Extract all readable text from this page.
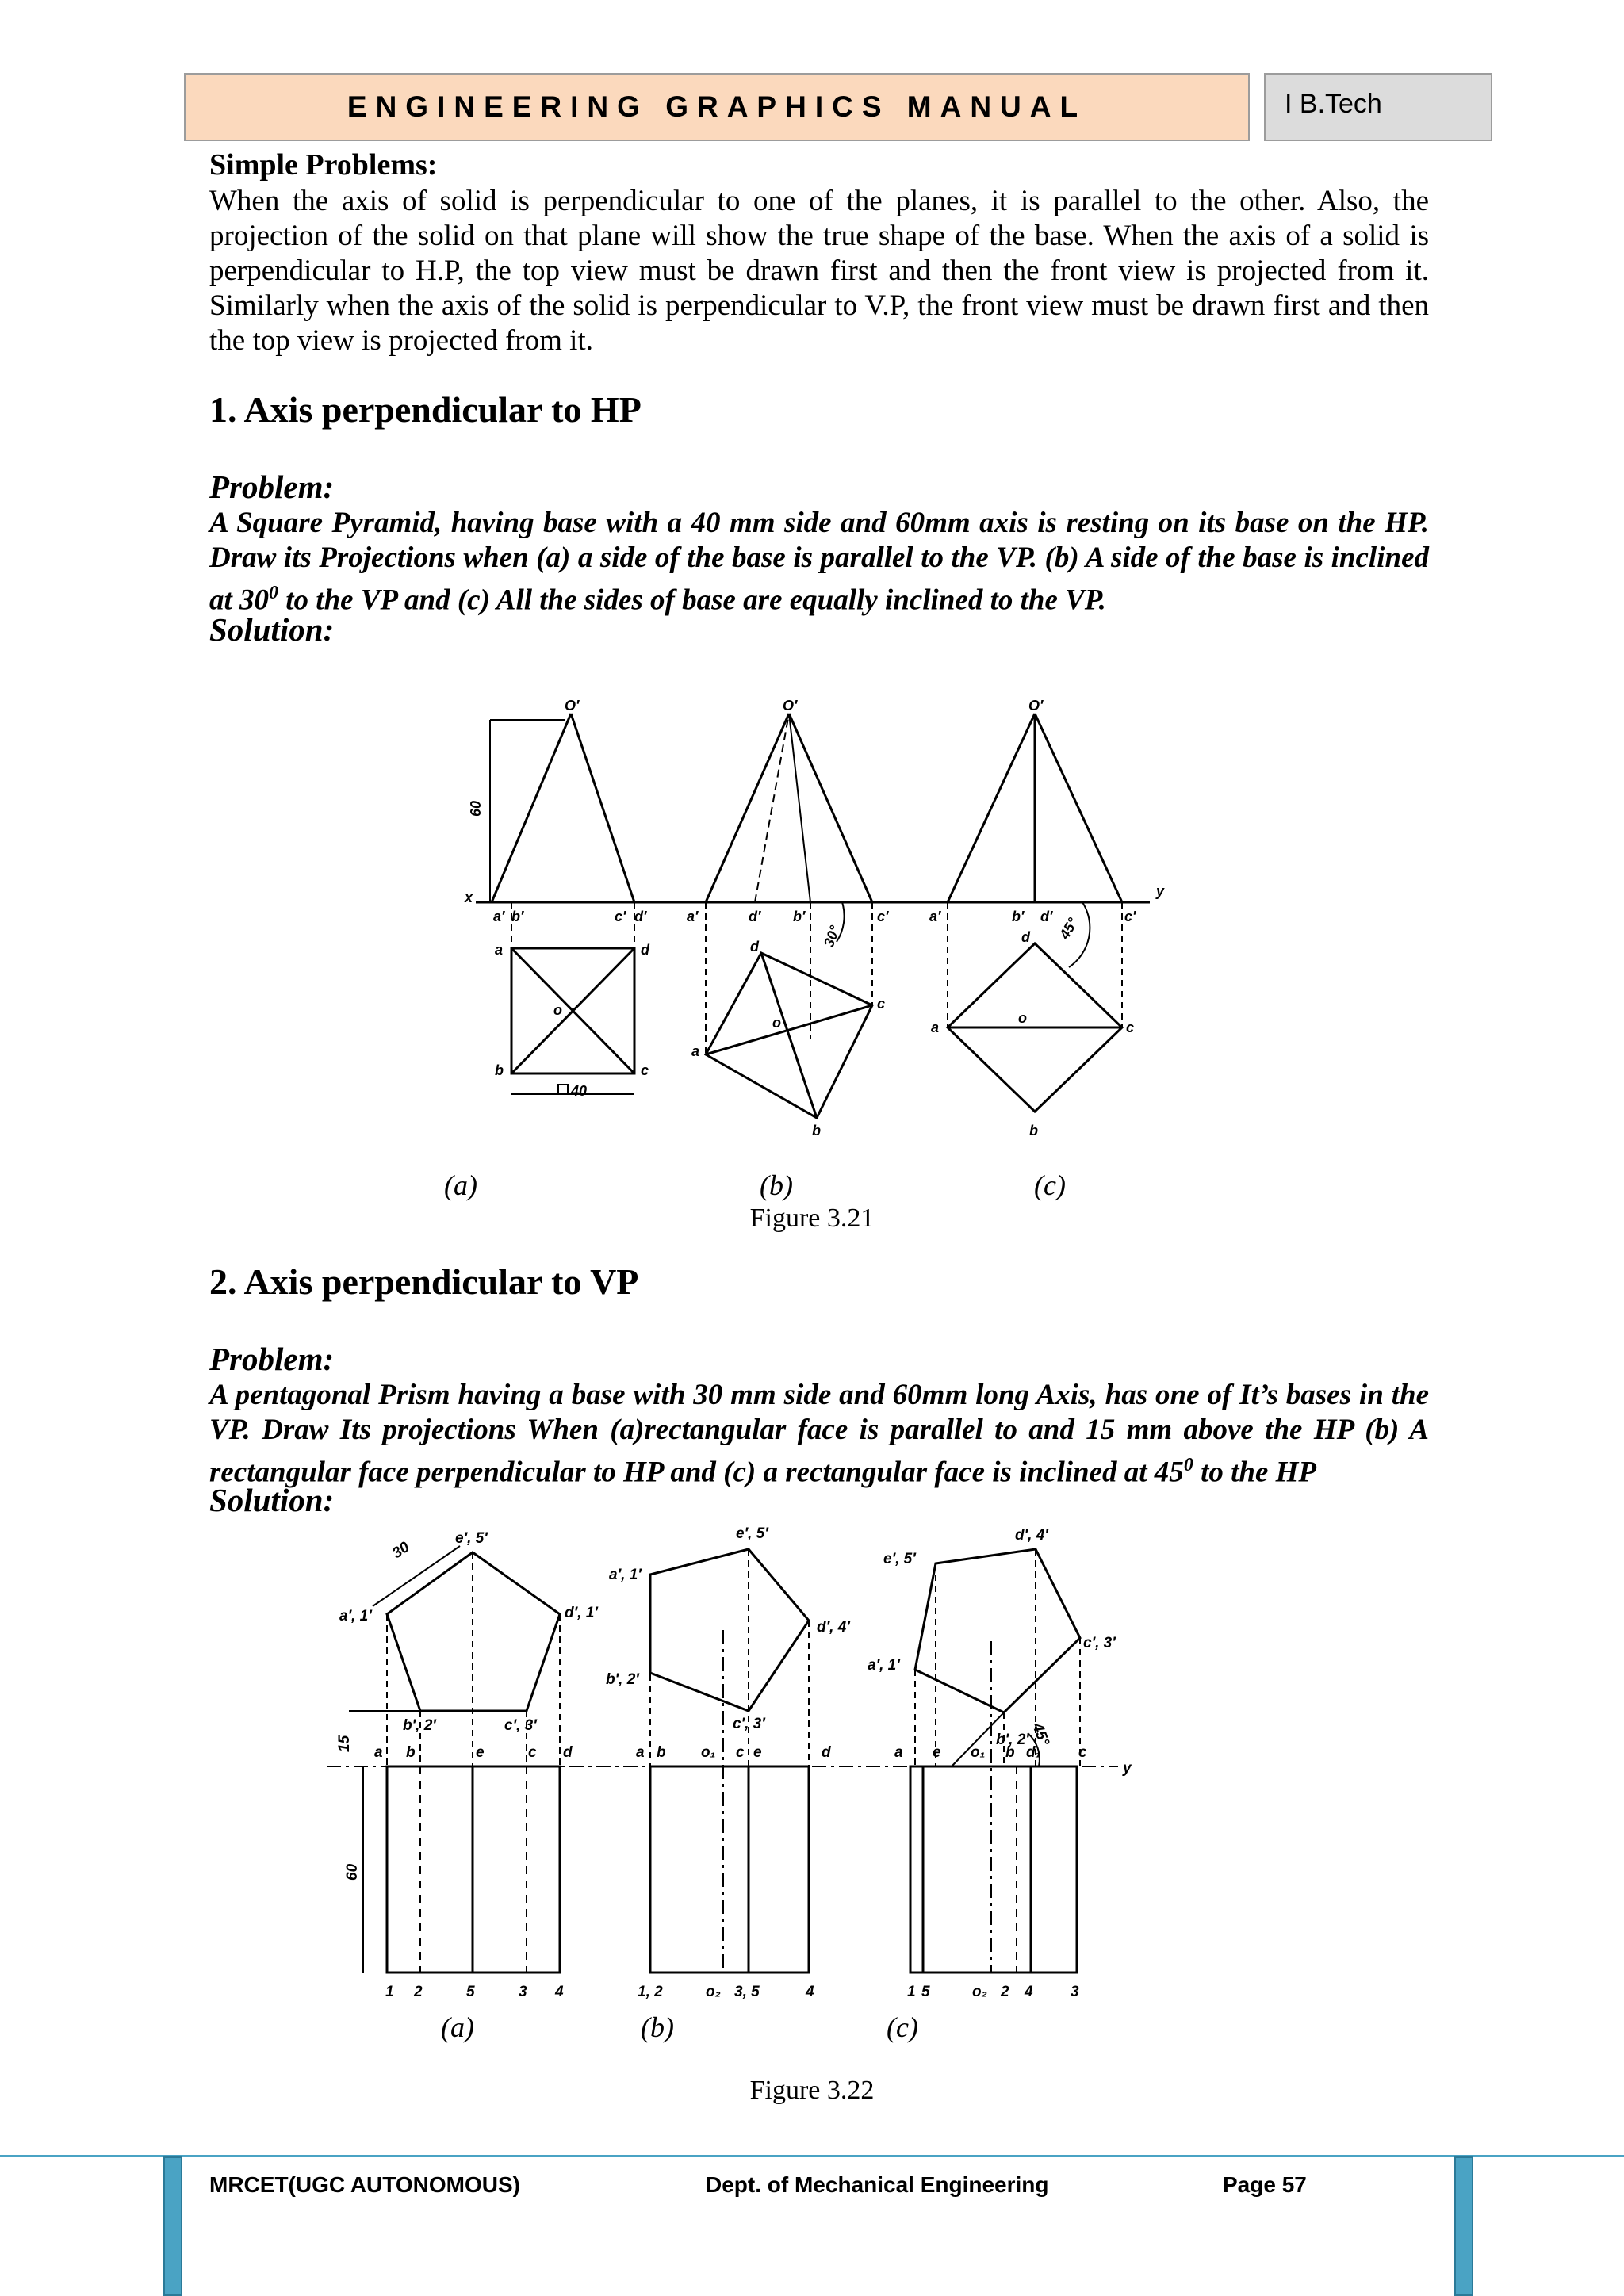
ENGINEERING GRAPHICS MANUAL	I B.Tech
Simple Problems:
When the axis of solid is perpendicular to one of the planes, it is parallel to the other. Also, the projection of the solid on that plane will show the true shape of the base. When the axis of a solid is perpendicular to H.P, the top view must be drawn first and then the front view is projected from it. Similarly when the axis of the solid is perpendicular to V.P, the front view must be drawn first and then the top view is projected from it.
1. Axis perpendicular to HP
Problem:
A Square Pyramid, having base with a 40 mm side and 60mm axis is resting on its base on the HP. Draw its Projections when (a) a side of the base is parallel to the VP. (b) A side of the base is inclined at $30^0$ to the VP and (c) All the sides of base are equally inclined to the VP.
Solution:
O′	O′	O′
60
x	y
a′ b′	c′ d′
a	d
o
b	c
40
a′	d′ b′	c′
d
o
c
a
b
30°
a′	b′ d′	c′
d
a
o
c
b
45°
(a)	(b)	(c)
Figure 3.21
2. Axis perpendicular to VP
Problem:
A pentagonal Prism having a base with 30 mm side and 60mm long Axis, has one of It’s bases in the VP. Draw Its projections When (a)rectangular face is parallel to and 15 mm above the HP (b) A rectangular face perpendicular to HP and (c) a rectangular face is inclined at $45^0$ to the HP
Solution:
30
15
60
y
e′, 5′
a′, 1′	d′, 1′
b′, 2′	c′, 3′
a b	e	c d
1 2	5	3 4
e′, 5′
a′, 1′
d′, 4′
b′, 2′
c′, 3′
a b o₁ c e	d
1, 2	o₂ 3, 5	4
d′, 4′
e′, 5′
c′, 3′
a′, 1′
b′, 2′ 45°
a e o₁ b d₁	c
1 5	o₂ 2 4 3
(a)	(b)	(c)
Figure 3.22
MRCET(UGC AUTONOMOUS)	Dept. of Mechanical Engineering	Page 57
